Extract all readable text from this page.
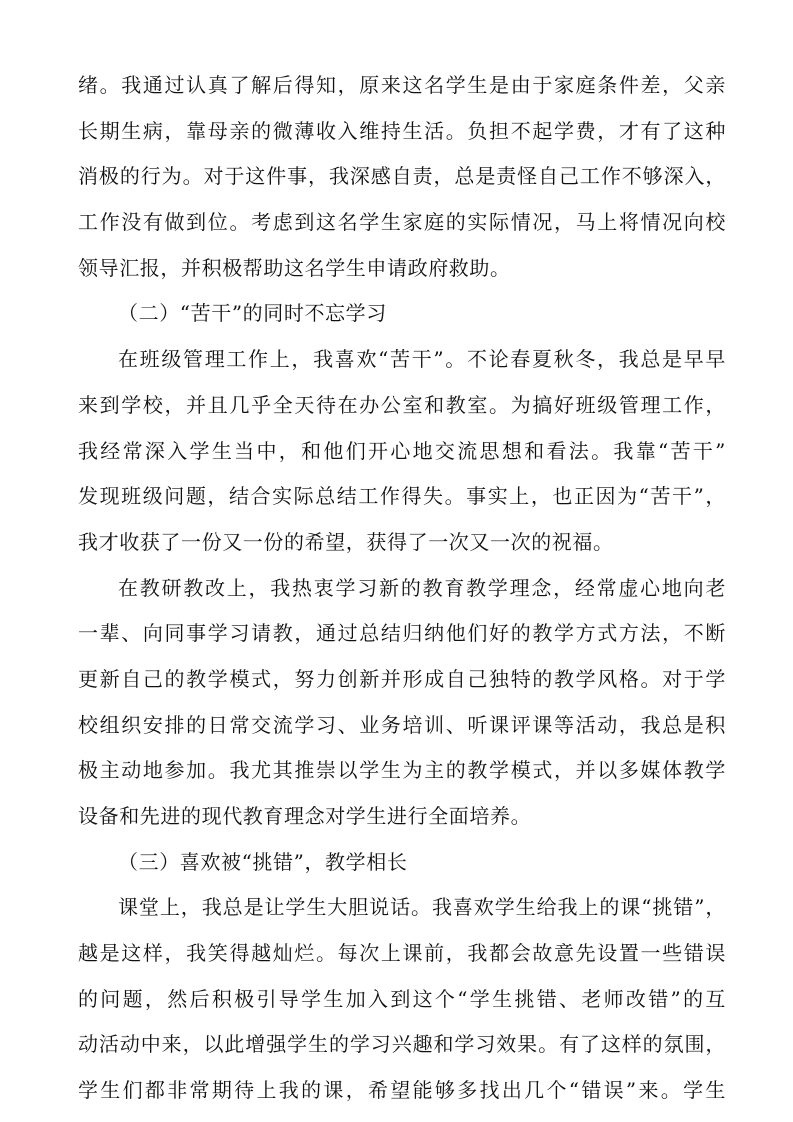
绪。我通过认真了解后得知，原来这名学生是由于家庭条件差，父亲
长期生病，靠母亲的微薄收入维持生活。负担不起学费，才有了这种
消极的行为。对于这件事，我深感自责，总是责怪自己工作不够深入，
工作没有做到位。考虑到这名学生家庭的实际情况，马上将情况向校
领导汇报，并积极帮助这名学生申请政府救助。
（二）“苦干”的同时不忘学习
在班级管理工作上，我喜欢“苦干”。不论春夏秋冬，我总是早早
来到学校，并且几乎全天待在办公室和教室。为搞好班级管理工作，
我经常深入学生当中，和他们开心地交流思想和看法。我靠“苦干”
发现班级问题，结合实际总结工作得失。事实上，也正因为“苦干”，
我才收获了一份又一份的希望，获得了一次又一次的祝福。
在教研教改上，我热衷学习新的教育教学理念，经常虚心地向老
一辈、向同事学习请教，通过总结归纳他们好的教学方式方法，不断
更新自己的教学模式，努力创新并形成自己独特的教学风格。对于学
校组织安排的日常交流学习、业务培训、听课评课等活动，我总是积
极主动地参加。我尤其推崇以学生为主的教学模式，并以多媒体教学
设备和先进的现代教育理念对学生进行全面培养。
（三）喜欢被“挑错”，教学相长
课堂上，我总是让学生大胆说话。我喜欢学生给我上的课“挑错”，
越是这样，我笑得越灿烂。每次上课前，我都会故意先设置一些错误
的问题，然后积极引导学生加入到这个“学生挑错、老师改错”的互
动活动中来，以此增强学生的学习兴趣和学习效果。有了这样的氛围，
学生们都非常期待上我的课，希望能够多找出几个“错误”来。学生
